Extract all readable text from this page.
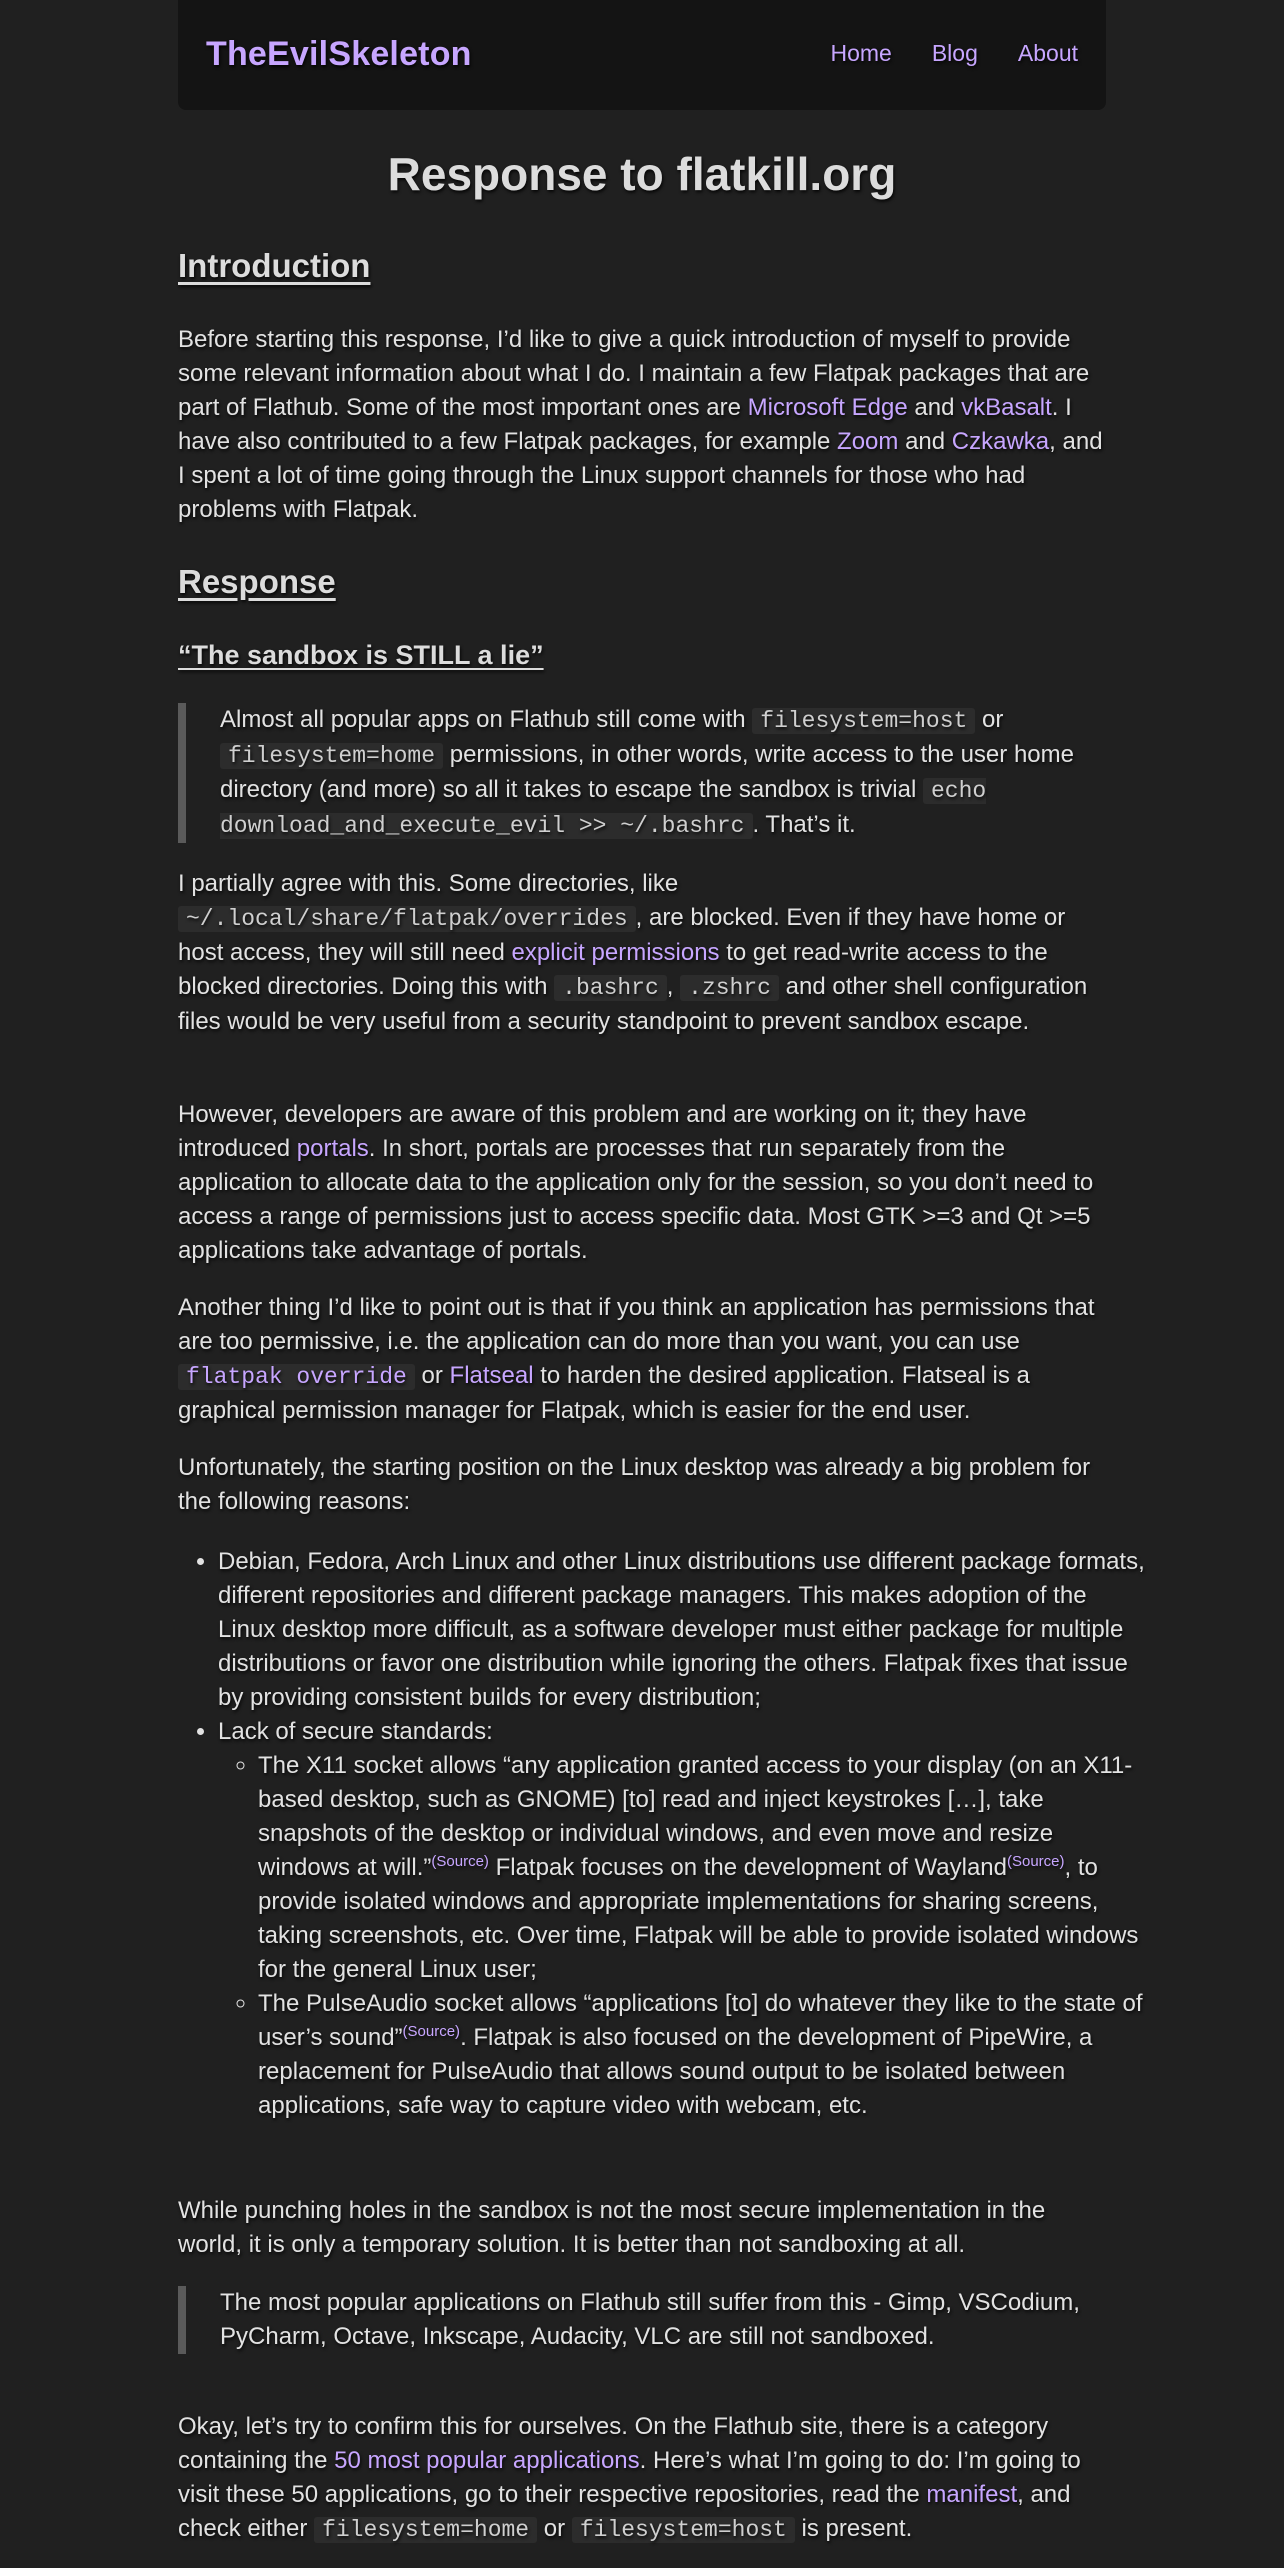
TheEvilSkeleton	Home Blog About
Response to flatkill.org
Introduction

Before starting this response, I’d like to give a quick introduction of myself to provide some relevant information about what I do. I maintain a few Flatpak packages that are part of Flathub. Some of the most important ones are Microsoft Edge and vkBasalt. I have also contributed to a few Flatpak packages, for example Zoom and Czkawka, and I spent a lot of time going through the Linux support channels for those who had problems with Flatpak.

Response
“The sandbox is STILL a lie”

Almost all popular apps on Flathub still come with filesystem=host or filesystem=home permissions, in other words, write access to the user home directory (and more) so all it takes to escape the sandbox is trivial echo download_and_execute_evil >> ~/.bashrc . That’s it.

I partially agree with this. Some directories, like ~/.local/share/flatpak/overrides , are blocked. Even if they have home or host access, they will still need explicit permissions to get read-write access to the blocked directories. Doing this with .bashrc , .zshrc and other shell configuration files would be very useful from a security standpoint to prevent sandbox escape.

However, developers are aware of this problem and are working on it; they have introduced portals. In short, portals are processes that run separately from the application to allocate data to the application only for the session, so you don’t need to access a range of permissions just to access specific data. Most GTK >=3 and Qt >=5 applications take advantage of portals.

Another thing I’d like to point out is that if you think an application has permissions that are too permissive, i.e. the application can do more than you want, you can use flatpak override or Flatseal to harden the desired application. Flatseal is a graphical permission manager for Flatpak, which is easier for the end user.

Unfortunately, the starting position on the Linux desktop was already a big problem for the following reasons:

• Debian, Fedora, Arch Linux and other Linux distributions use different package formats, different repositories and different package managers. This makes adoption of the Linux desktop more difficult, as a software developer must either package for multiple distributions or favor one distribution while ignoring the others. Flatpak fixes that issue by providing consistent builds for every distribution;
• Lack of secure standards:
◦ The X11 socket allows “any application granted access to your display (on an X11-based desktop, such as GNOME) [to] read and inject keystrokes […], take snapshots of the desktop or individual windows, and even move and resize windows at will.”$^{(Source)}$ Flatpak focuses on the development of Wayland$^{(Source)}$, to provide isolated windows and appropriate implementations for sharing screens, taking screenshots, etc. Over time, Flatpak will be able to provide isolated windows for the general Linux user;
◦ The PulseAudio socket allows “applications [to] do whatever they like to the state of user’s sound”$^{(Source)}$. Flatpak is also focused on the development of PipeWire, a replacement for PulseAudio that allows sound output to be isolated between applications, safe way to capture video with webcam, etc.

While punching holes in the sandbox is not the most secure implementation in the world, it is only a temporary solution. It is better than not sandboxing at all.

The most popular applications on Flathub still suffer from this - Gimp, VSCodium, PyCharm, Octave, Inkscape, Audacity, VLC are still not sandboxed.

Okay, let’s try to confirm this for ourselves. On the Flathub site, there is a category containing the 50 most popular applications. Here’s what I’m going to do: I’m going to visit these 50 applications, go to their respective repositories, read the manifest, and check either filesystem=home or filesystem=host is present.
